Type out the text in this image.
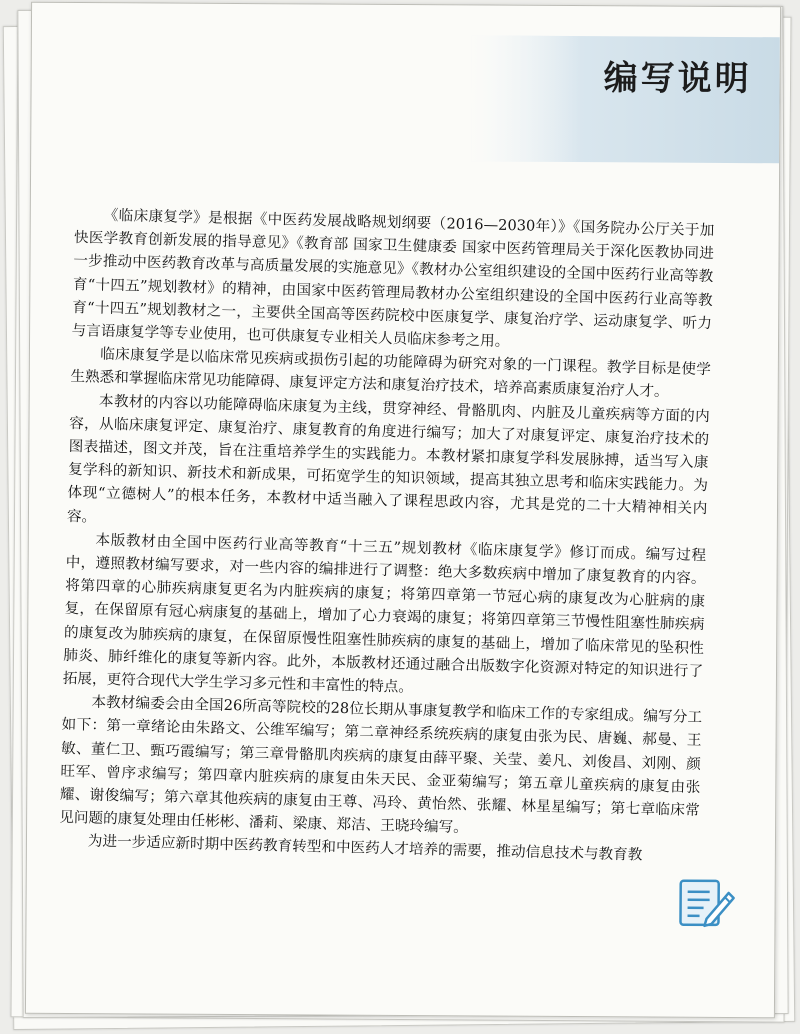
编写说明

《临床康复学》是根据《中医药发展战略规划纲要（2016—2030年）》《国务院办公厅关于加快医学教育创新发展的指导意见》《教育部 国家卫生健康委 国家中医药管理局关于深化医教协同进一步推动中医药教育改革与高质量发展的实施意见》《教材办公室组织建设的全国中医药行业高等教育“十四五”规划教材》的精神，由国家中医药管理局教材办公室组织建设的全国中医药行业高等教育“十四五”规划教材之一，主要供全国高等医药院校中医康复学、康复治疗学、运动康复学、听力与言语康复学等专业使用，也可供康复专业相关人员临床参考之用。

临床康复学是以临床常见疾病或损伤引起的功能障碍为研究对象的一门课程。教学目标是使学生熟悉和掌握临床常见功能障碍、康复评定方法和康复治疗技术，培养高素质康复治疗人才。

本教材的内容以功能障碍临床康复为主线，贯穿神经、骨骼肌肉、内脏及儿童疾病等方面的内容，从临床康复评定、康复治疗、康复教育的角度进行编写；加大了对康复评定、康复治疗技术的图表描述，图文并茂，旨在注重培养学生的实践能力。本教材紧扣康复学科发展脉搏，适当写入康复学科的新知识、新技术和新成果，可拓宽学生的知识领域，提高其独立思考和临床实践能力。为体现“立德树人”的根本任务，本教材中适当融入了课程思政内容，尤其是党的二十大精神相关内容。

本版教材由全国中医药行业高等教育“十三五”规划教材《临床康复学》修订而成。编写过程中，遵照教材编写要求，对一些内容的编排进行了调整：绝大多数疾病中增加了康复教育的内容。将第四章的心肺疾病康复更名为内脏疾病的康复；将第四章第一节冠心病的康复改为心脏病的康复，在保留原有冠心病康复的基础上，增加了心力衰竭的康复；将第四章第三节慢性阻塞性肺疾病的康复改为肺疾病的康复，在保留原慢性阻塞性肺疾病的康复的基础上，增加了临床常见的坠积性肺炎、肺纤维化的康复等新内容。此外，本版教材还通过融合出版数字化资源对特定的知识进行了拓展，更符合现代大学生学习多元性和丰富性的特点。

本教材编委会由全国26所高等院校的28位长期从事康复教学和临床工作的专家组成。编写分工如下：第一章绪论由朱路文、公维军编写；第二章神经系统疾病的康复由张为民、唐巍、郝曼、王敏、董仁卫、甄巧霞编写；第三章骨骼肌肉疾病的康复由薛平聚、关莹、姜凡、刘俊昌、刘刚、颜旺军、曾序求编写；第四章内脏疾病的康复由朱天民、金亚菊编写；第五章儿童疾病的康复由张耀、谢俊编写；第六章其他疾病的康复由王尊、冯玲、黄怡然、张耀、林星星编写；第七章临床常见问题的康复处理由任彬彬、潘莉、梁康、郑洁、王晓玲编写。

为进一步适应新时期中医药教育转型和中医药人才培养的需要，推动信息技术与教育教
